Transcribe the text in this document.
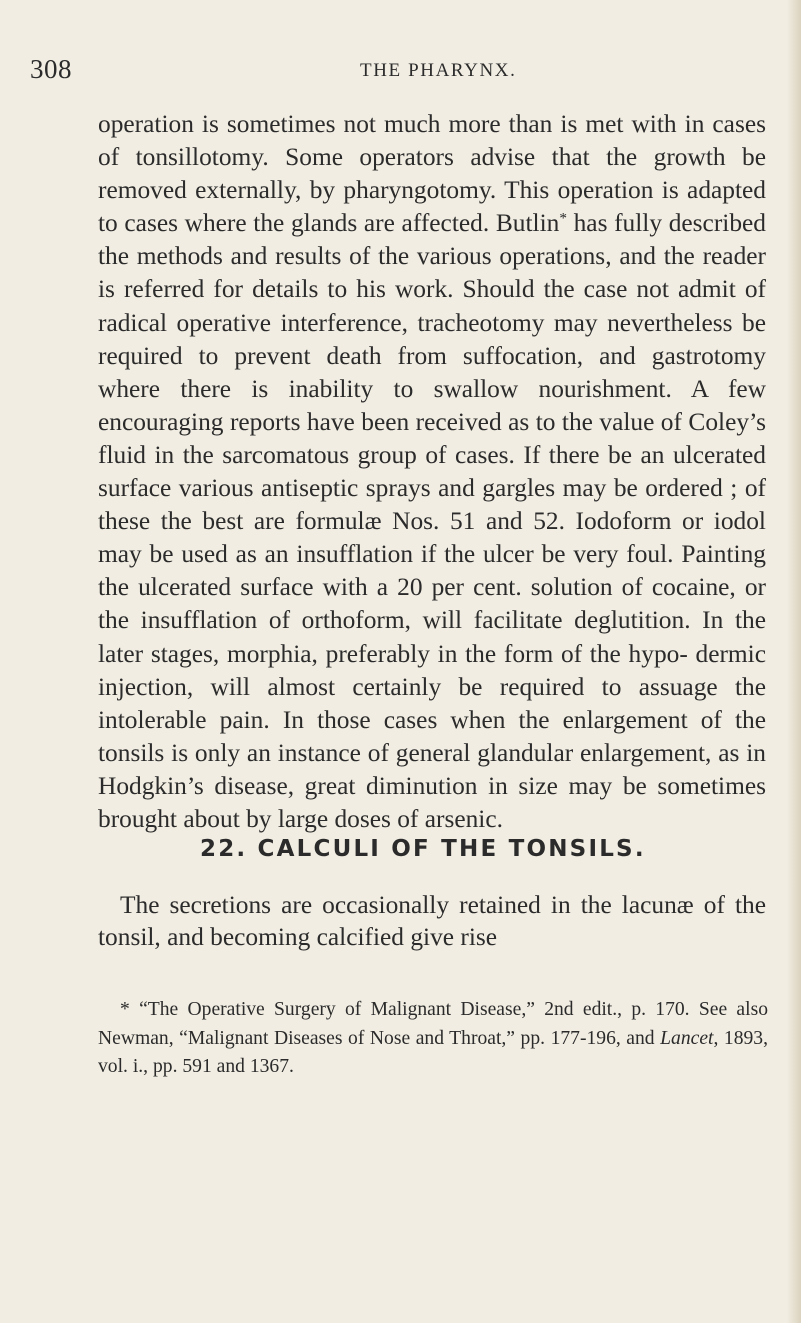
308	THE PHARYNX.

operation is sometimes not much more than is met with in cases of tonsillotomy. Some operators advise that the growth be removed externally, by pharyngotomy. This operation is adapted to cases where the glands are affected. Butlin* has fully described the methods and results of the various operations, and the reader is referred for details to his work. Should the case not admit of radical operative interference, tracheotomy may nevertheless be required to prevent death from suffocation, and gastrotomy where there is inability to swallow nourishment. A few encouraging reports have been received as to the value of Coley’s fluid in the sarcomatous group of cases. If there be an ulcerated surface various antiseptic sprays and gargles may be ordered ; of these the best are formulæ Nos. 51 and 52. Iodoform or iodol may be used as an insufflation if the ulcer be very foul. Painting the ulcerated surface with a 20 per cent. solution of cocaine, or the insufflation of orthoform, will facilitate deglutition. In the later stages, morphia, preferably in the form of the hypo- dermic injection, will almost certainly be required to assuage the intolerable pain. In those cases when the enlargement of the tonsils is only an instance of general glandular enlargement, as in Hodgkin’s disease, great diminution in size may be sometimes brought about by large doses of arsenic.

22. CALCULI OF THE TONSILS.

The secretions are occasionally retained in the lacunæ of the tonsil, and becoming calcified give rise

* “The Operative Surgery of Malignant Disease,” 2nd edit., p. 170. See also Newman, “Malignant Diseases of Nose and Throat,” pp. 177-196, and Lancet, 1893, vol. i., pp. 591 and 1367.
